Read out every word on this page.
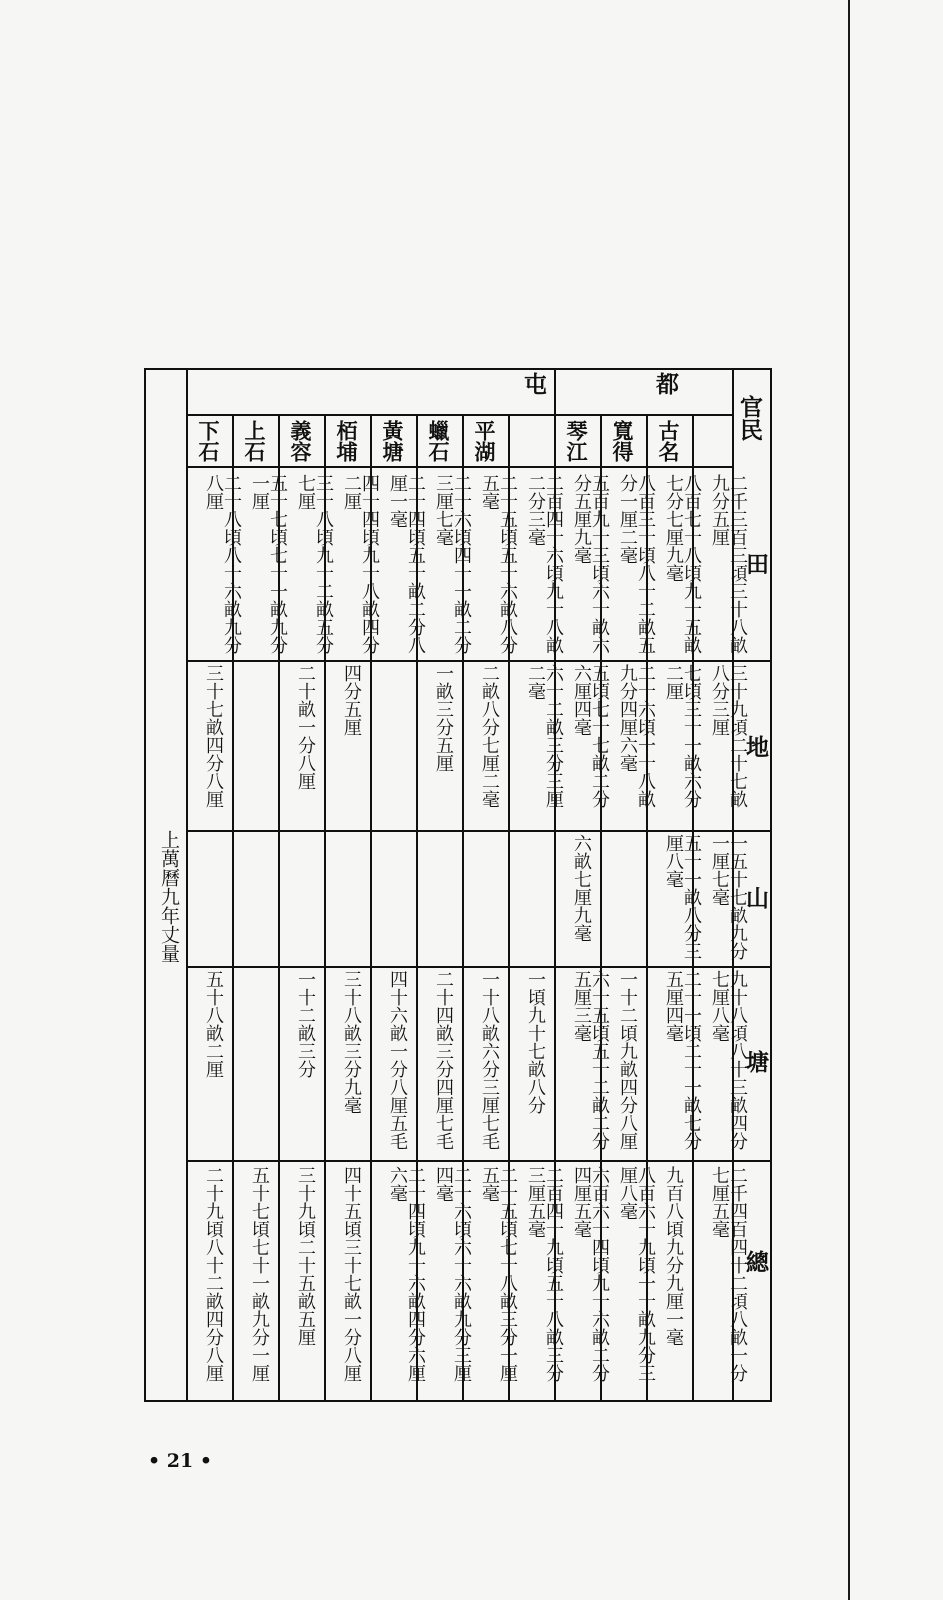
官民
都
屯
田
地
山
塘
總
古名
寬得
琴江
平湖
蠟石
黃塘
栢埔
義容
上石
下石
二千三百三頃三十八畝九分五厘
三十九頃二十七畝八分三厘
一五十七畝九分一厘七毫
九十八頃八十三畝四分七厘八毫
二千四百四十二頃八畝一分七厘五毫
八百七十八頃九十五畝七分七厘九毫
七頃三十一畝六分二厘
五十一畝八分三厘八毫
二十一頃二十一畝七分五厘四毫
九百八頃九分九厘一毫
八百三十頃八十二畝五分一厘二毫
二十六頃一十八畝九分四厘六毫
一十二頃九畝四分八厘
八百六十九頃一十畝九分三厘八毫
五百九十三頃六十畝六分五厘九毫
五頃七十七畝二分六厘四毫
六畝七厘九毫
六十五頃五十二畝二分五厘三毫
六百六十四頃九十六畝二分四厘五毫
二百四十六頃九十八畝二分三毫
六十二畝三分三厘二毫
一頃九十七畝八分
二百四十九頃五十八畝三分三厘五毫
二十五頃五十六畝八分五毫
二畝八分七厘二毫
一十八畝六分三厘七毛
二十五頃七十八畝三分一厘五毫
二十六頃四十一畝二分三厘七毫
一畝三分五厘
二十四畝三分四厘七毛
二十六頃六十六畝九分三厘四毫
二十四頃五十畝二分八厘一毫
四十六畝一分八厘五毛
二十四頃九十六畝四分六厘六毫
四十四頃九十八畝四分二厘
四分五厘
三十八畝三分九毫
四十五頃三十七畝一分八厘
三十八頃九十二畝五分七厘
二十畝一分八厘
一十二畝三分
三十九頃二十五畝五厘
五十七頃七十一畝九分一厘
五十七頃七十一畝九分一厘
二十八頃八十六畝九分八厘
三十七畝四分八厘
五十八畝二厘
二十九頃八十二畝四分八厘
上萬曆九年丈量
• 21 •
